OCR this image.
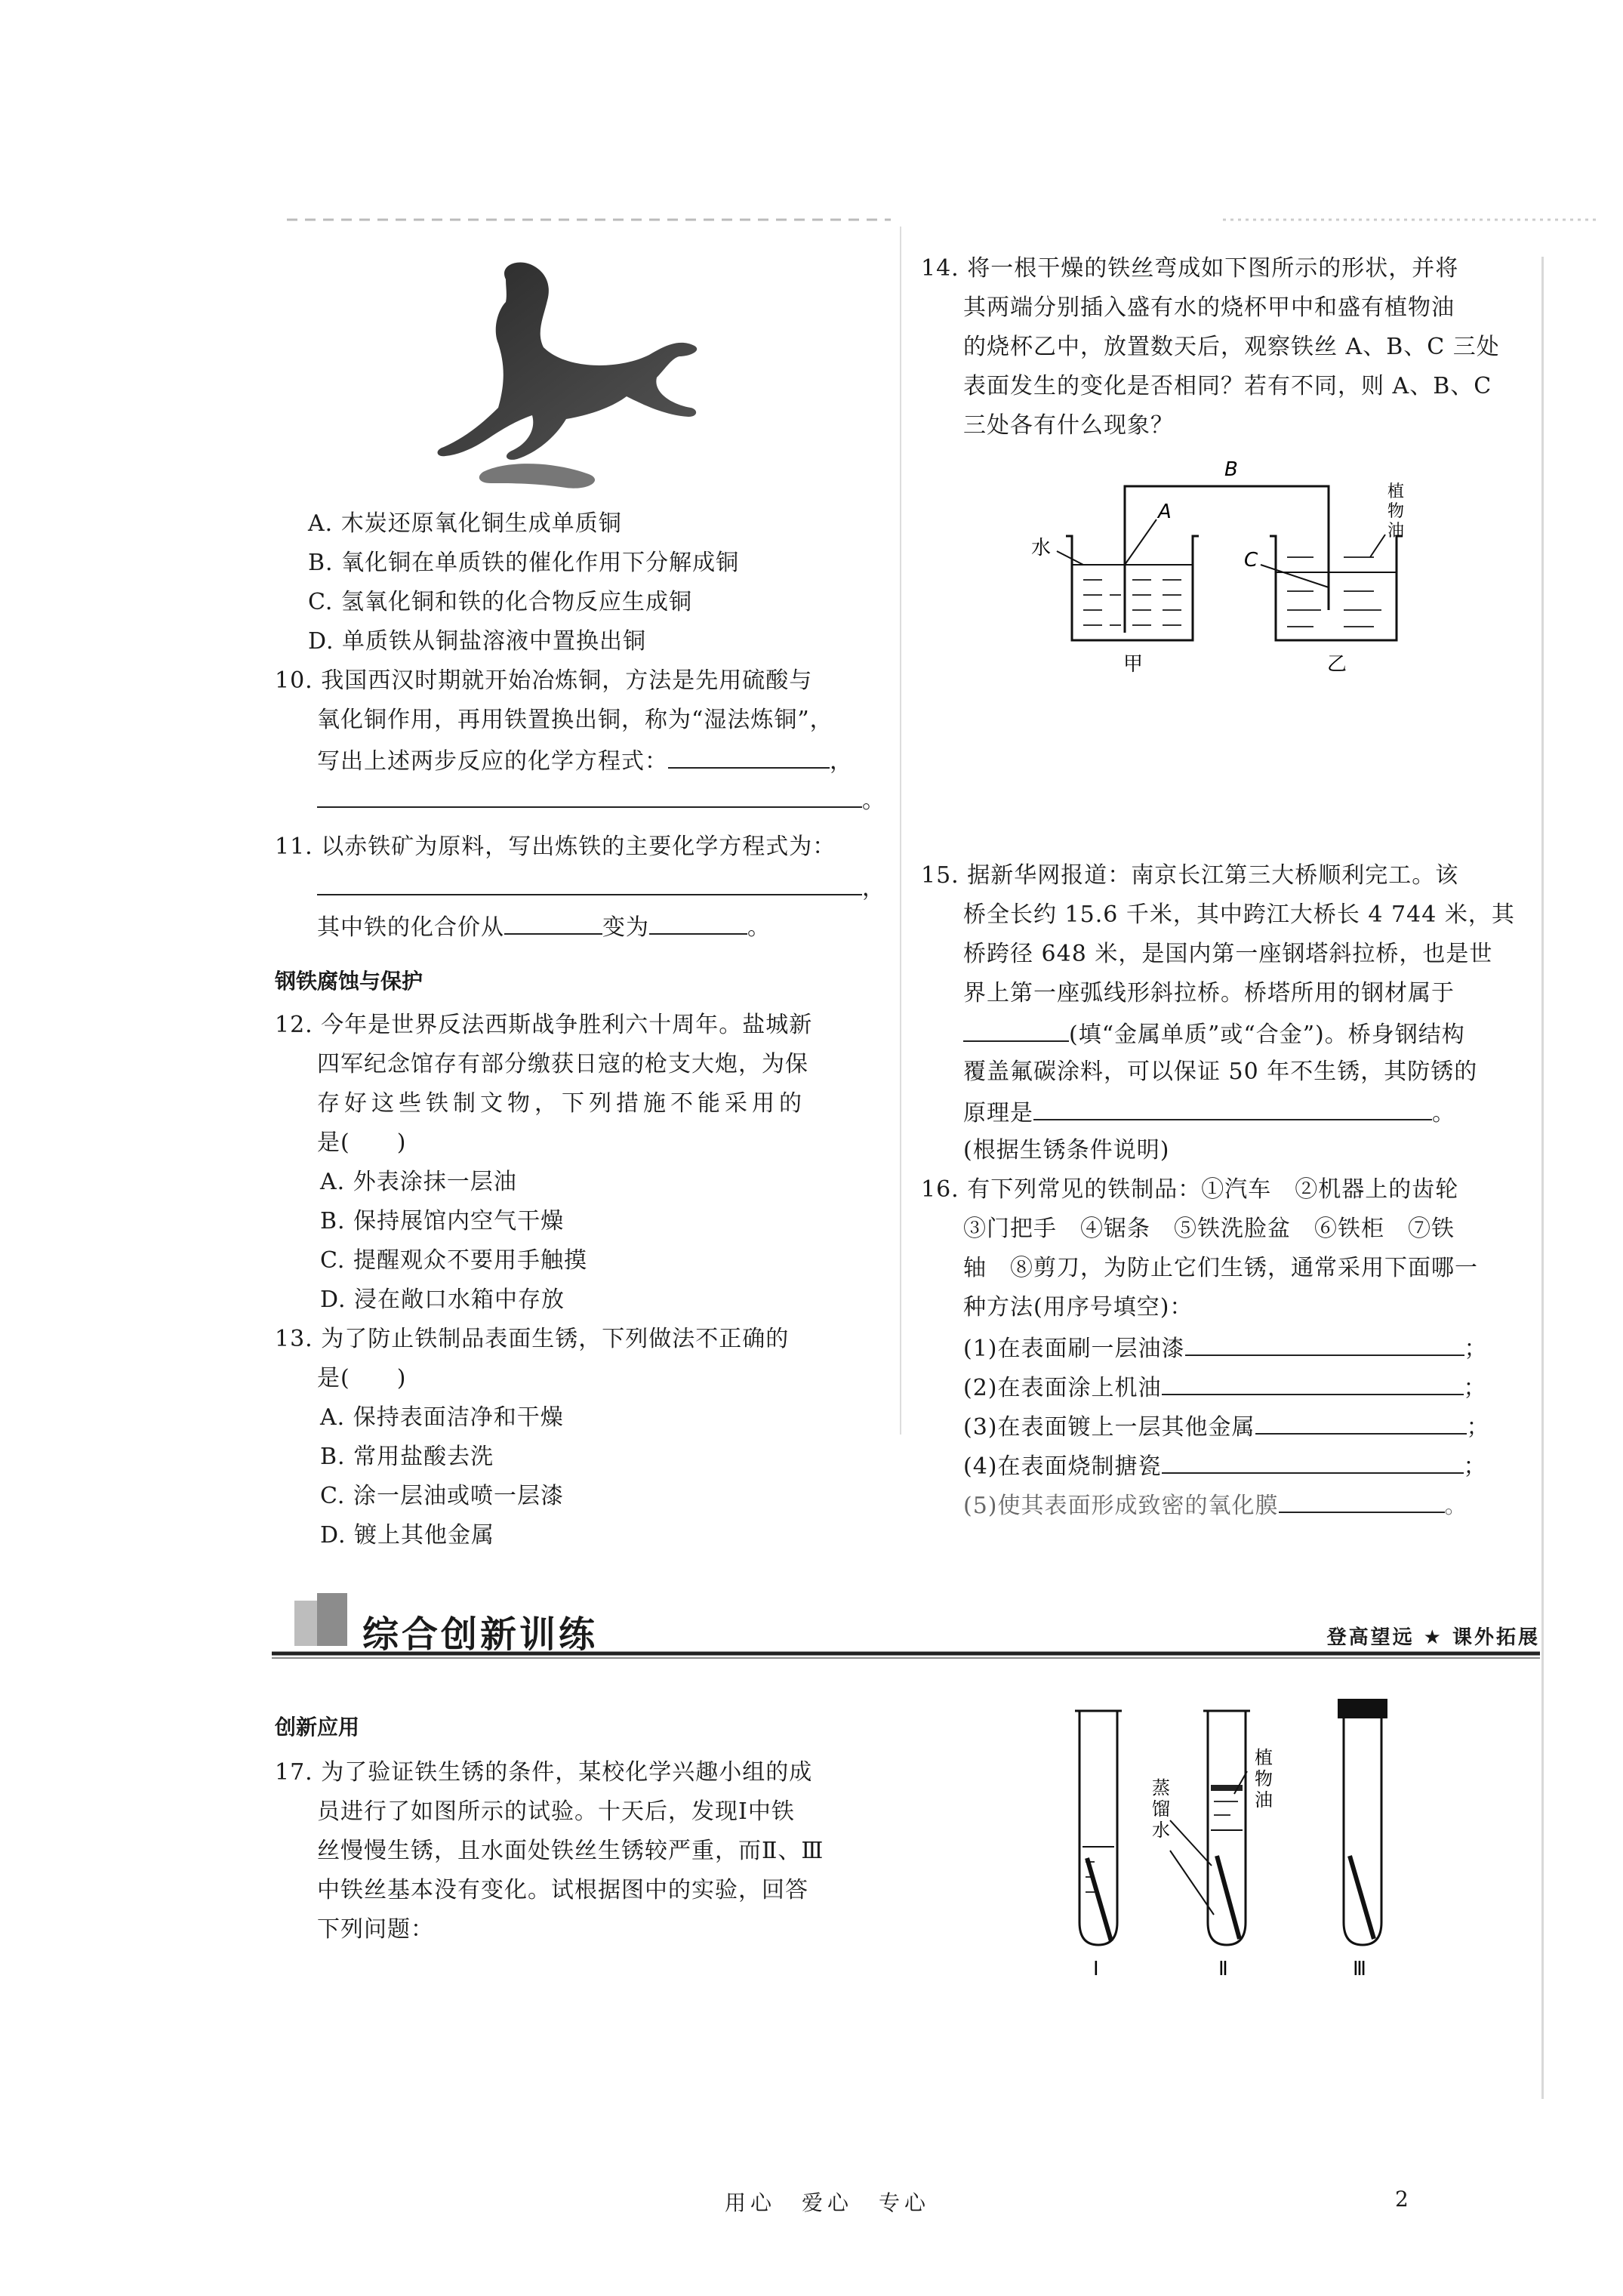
A. 木炭还原氧化铜生成单质铜
B. 氧化铜在单质铁的催化作用下分解成铜
C. 氢氧化铜和铁的化合物反应生成铜
D. 单质铁从铜盐溶液中置换出铜
10. 我国西汉时期就开始冶炼铜，方法是先用硫酸与
氧化铜作用，再用铁置换出铜，称为“湿法炼铜”，
写出上述两步反应的化学方程式：	，
。
11. 以赤铁矿为原料，写出炼铁的主要化学方程式为：
，
其中铁的化合价从	变为	。
钢铁腐蚀与保护
12. 今年是世界反法西斯战争胜利六十周年。盐城新
四军纪念馆存有部分缴获日寇的枪支大炮，为保
存好这些铁制文物，下列措施不能采用的
是(　　)
A. 外表涂抹一层油
B. 保持展馆内空气干燥
C. 提醒观众不要用手触摸
D. 浸在敞口水箱中存放
13. 为了防止铁制品表面生锈，下列做法不正确的
是(　　)
A. 保持表面洁净和干燥
B. 常用盐酸去洗
C. 涂一层油或喷一层漆
D. 镀上其他金属
14. 将一根干燥的铁丝弯成如下图所示的形状，并将
其两端分别插入盛有水的烧杯甲中和盛有植物油
的烧杯乙中，放置数天后，观察铁丝 A、B、C 三处
表面发生的变化是否相同？若有不同，则 A、B、C
三处各有什么现象？
B
A
水
C
植
物
油
甲	乙
15. 据新华网报道：南京长江第三大桥顺利完工。该
桥全长约 15.6 千米，其中跨江大桥长 4 744 米，其
桥跨径 648 米，是国内第一座钢塔斜拉桥，也是世
界上第一座弧线形斜拉桥。桥塔所用的钢材属于
(填“金属单质”或“合金”)。桥身钢结构
覆盖氟碳涂料，可以保证 50 年不生锈，其防锈的
原理是	。
(根据生锈条件说明)
16. 有下列常见的铁制品：①汽车　②机器上的齿轮
③门把手　④锯条　⑤铁洗脸盆　⑥铁柜　⑦铁
轴　⑧剪刀，为防止它们生锈，通常采用下面哪一
种方法(用序号填空)：
(1)在表面刷一层油漆	；
(2)在表面涂上机油	；
(3)在表面镀上一层其他金属	；
(4)在表面烧制搪瓷	；
(5)使其表面形成致密的氧化膜	。
综合创新训练	登高望远 ★ 课外拓展
创新应用
17. 为了验证铁生锈的条件，某校化学兴趣小组的成
员进行了如图所示的试验。十天后，发现Ⅰ中铁
丝慢慢生锈，且水面处铁丝生锈较严重，而Ⅱ、Ⅲ
中铁丝基本没有变化。试根据图中的实验，回答
下列问题：
植
物
油
蒸
馏
水
Ⅰ	Ⅱ	Ⅲ
用心　爱心　专心	2
